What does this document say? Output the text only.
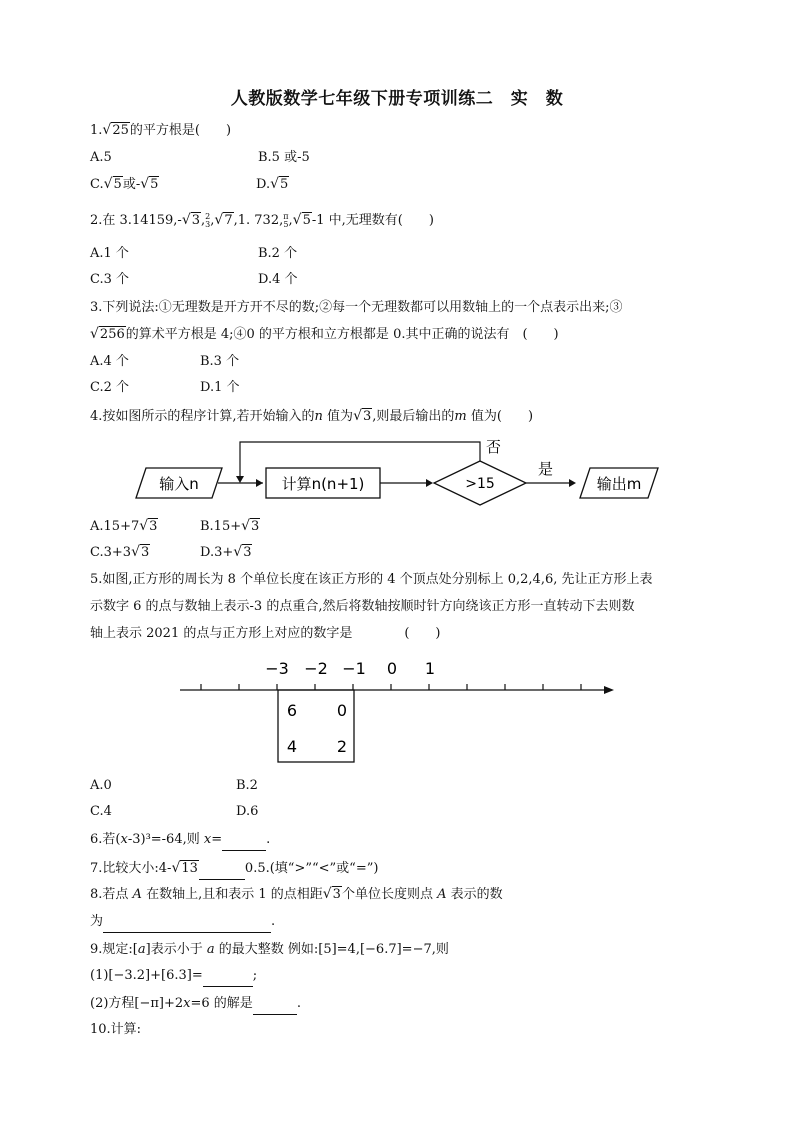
人教版数学七年级下册专项训练二　实　数
1.√25的平方根是(　　)
A.5	B.5 或-5
C.√5或-√5	D.√5
2.在 3.14159,-√3,2
3,√7,1. 732,π
5,√5-1 中,无理数有(　　)
A.1 个	B.2 个
C.3 个	D.4 个
3.下列说法:①无理数是开方开不尽的数;②每一个无理数都可以用数轴上的一个点表示出来;③
√256的算术平方根是 4;④0 的平方根和立方根都是 0.其中正确的说法有　(　　)
A.4 个	B.3 个
C.2 个	D.1 个
4.按如图所示的程序计算,若开始输入的n 值为√3,则最后输出的m 值为(　　)
输入n	计算n(n+1)	>15
否
是
输出m
A.15+7√3	B.15+√3
C.3+3√3	D.3+√3
5.如图,正方形的周长为 8 个单位长度在该正方形的 4 个顶点处分别标上 0,2,4,6, 先让正方形上表
示数字 6 的点与数轴上表示-3 的点重合,然后将数轴按顺时针方向绕该正方形一直转动下去则数
轴上表示 2021 的点与正方形上对应的数字是　　　　(　　)
−3 −2 −1 0 1
6 0
4 2
A.0	B.2
C.4	D.6
6.若(x-3)³=-64,则 x=	.
7.比较大小:4-√13	0.5.(填“>”“<”或“=”)
8.若点 A 在数轴上,且和表示 1 的点相距√3个单位长度则点 A 表示的数
为	.
9.规定:[a]表示小于 a 的最大整数 例如:[5]=4,[−6.7]=−7,则
(1)[−3.2]+[6.3]=	;
(2)方程[−π]+2x=6 的解是	.
10.计算:
